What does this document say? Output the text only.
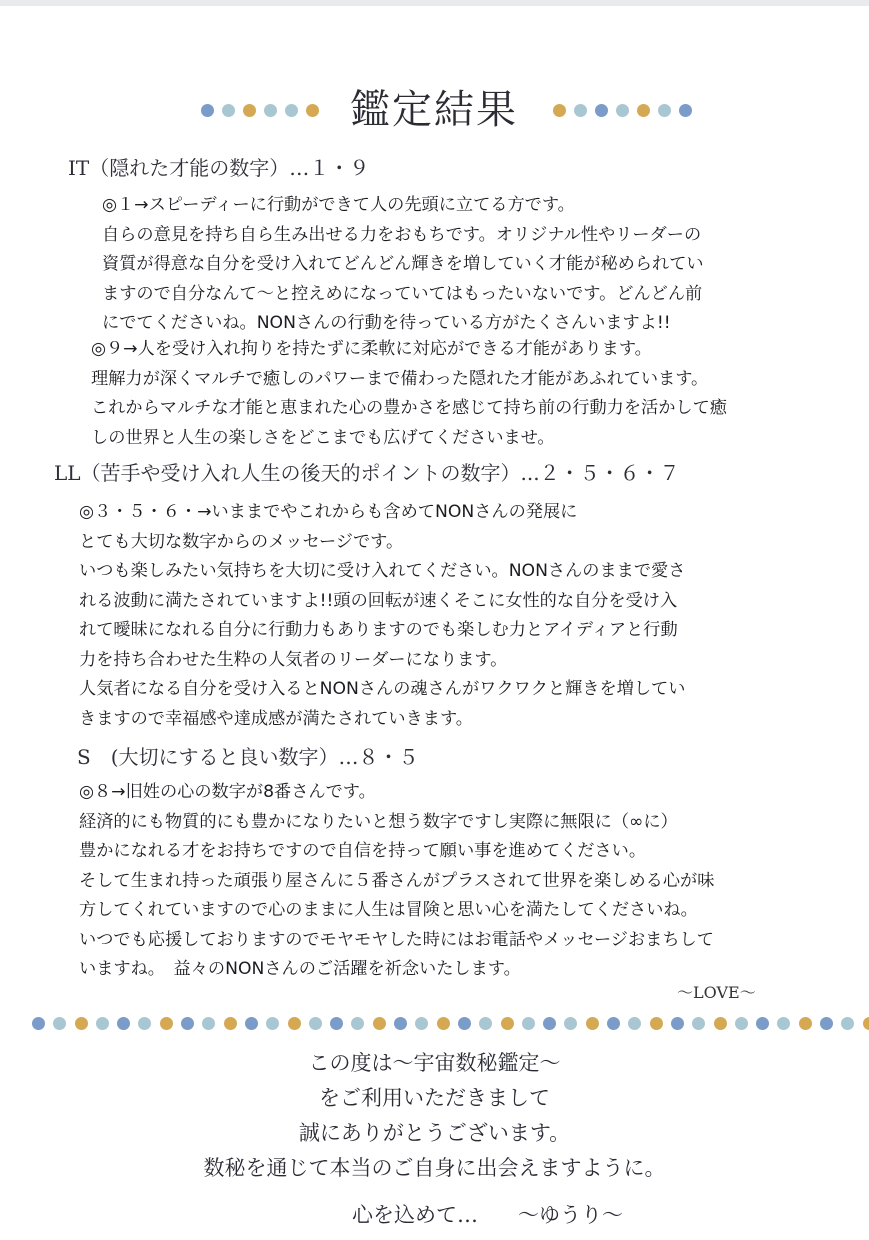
鑑定結果
IT（隠れた才能の数字）…１・９
◎１→スピーディーに行動ができて人の先頭に立てる方です。
自らの意見を持ち自ら生み出せる力をおもちです。オリジナル性やリーダーの
資質が得意な自分を受け入れてどんどん輝きを増していく才能が秘められてい
ますので自分なんて〜と控えめになっていてはもったいないです。どんどん前
にでてくださいね。NONさんの行動を待っている方がたくさんいますよ!!
◎９→人を受け入れ拘りを持たずに柔軟に対応ができる才能があります。
理解力が深くマルチで癒しのパワーまで備わった隠れた才能があふれています。
これからマルチな才能と恵まれた心の豊かさを感じて持ち前の行動力を活かして癒
しの世界と人生の楽しさをどこまでも広げてくださいませ。
LL（苦手や受け入れ人生の後天的ポイントの数字）...２・５・６・７
◎３・５・６・→いままでやこれからも含めてNONさんの発展に
とても大切な数字からのメッセージです。
いつも楽しみたい気持ちを大切に受け入れてください。NONさんのままで愛さ
れる波動に満たされていますよ!!頭の回転が速くそこに女性的な自分を受け入
れて曖昧になれる自分に行動力もありますのでも楽しむ力とアイディアと行動
力を持ち合わせた生粋の人気者のリーダーになります。
人気者になる自分を受け入るとNONさんの魂さんがワクワクと輝きを増してい
きますので幸福感や達成感が満たされていきます。
S　(大切にすると良い数字）…８・５
◎８→旧姓の心の数字が8番さんです。
経済的にも物質的にも豊かになりたいと想う数字ですし実際に無限に（∞に）
豊かになれる才をお持ちですので自信を持って願い事を進めてください。
そして生まれ持った頑張り屋さんに５番さんがプラスされて世界を楽しめる心が味
方してくれていますので心のままに人生は冒険と思い心を満たしてくださいね。
いつでも応援しておりますのでモヤモヤした時にはお電話やメッセージおまちして
いますね。　益々のNONさんのご活躍を祈念いたします。
〜LOVE〜
この度は〜宇宙数秘鑑定〜
をご利用いただきまして
誠にありがとうございます。
数秘を通じて本当のご自身に出会えますように。
心を込めて… 〜ゆうり〜
